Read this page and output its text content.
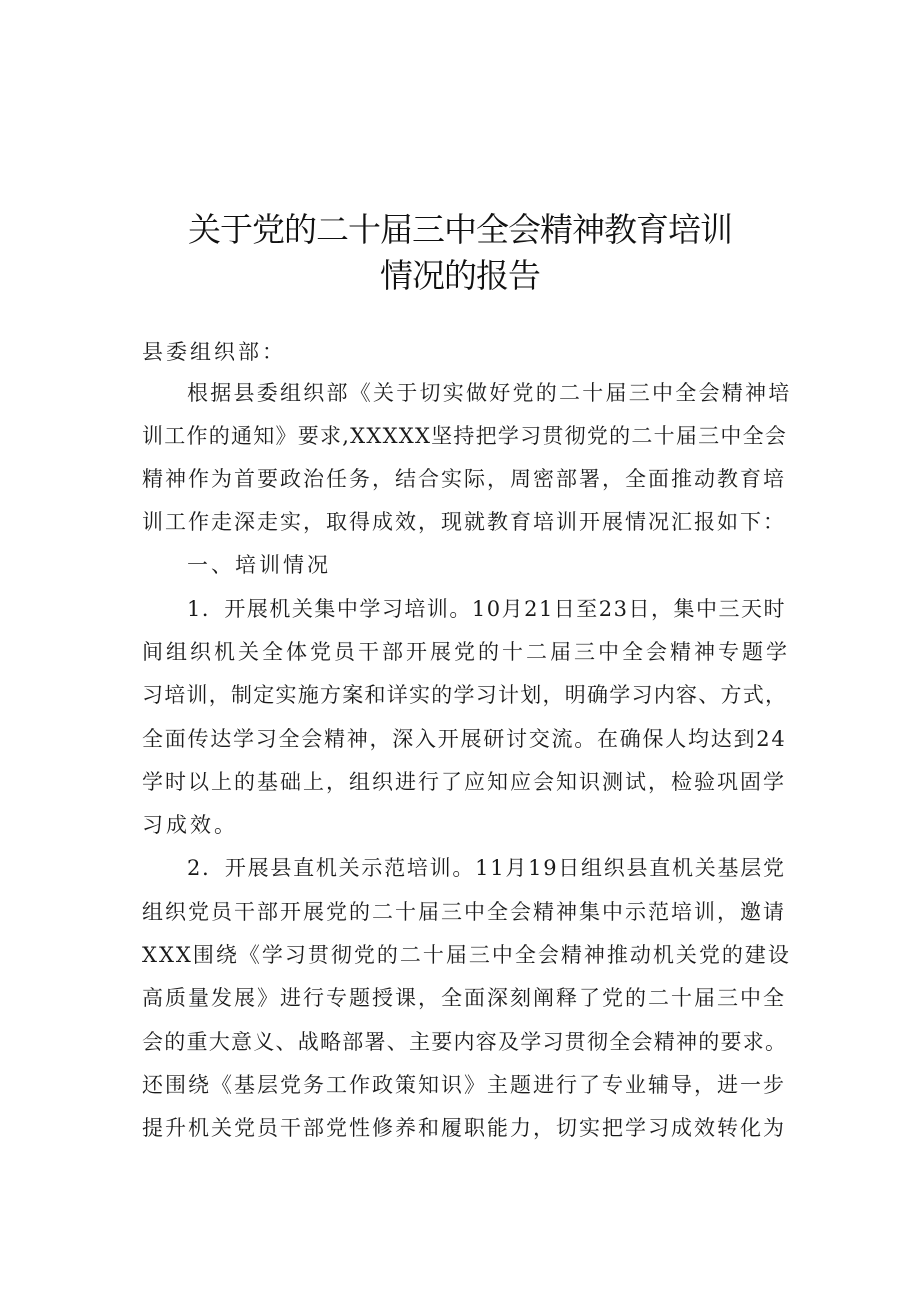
关于党的二十届三中全会精神教育培训
情况的报告
县委组织部：
根据县委组织部《关于切实做好党的二十届三中全会精神培
训工作的通知》要求,XXXXX坚持把学习贯彻党的二十届三中全会
精神作为首要政治任务，结合实际，周密部署，全面推动教育培
训工作走深走实，取得成效，现就教育培训开展情况汇报如下：
一、培训情况
1．开展机关集中学习培训。10月21日至23日，集中三天时
间组织机关全体党员干部开展党的十二届三中全会精神专题学
习培训，制定实施方案和详实的学习计划，明确学习内容、方式，
全面传达学习全会精神，深入开展研讨交流。在确保人均达到24
学时以上的基础上，组织进行了应知应会知识测试，检验巩固学
习成效。
2．开展县直机关示范培训。11月19日组织县直机关基层党
组织党员干部开展党的二十届三中全会精神集中示范培训，邀请
XXX围绕《学习贯彻党的二十届三中全会精神推动机关党的建设
高质量发展》进行专题授课，全面深刻阐释了党的二十届三中全
会的重大意义、战略部署、主要内容及学习贯彻全会精神的要求。
还围绕《基层党务工作政策知识》主题进行了专业辅导，进一步
提升机关党员干部党性修养和履职能力，切实把学习成效转化为
